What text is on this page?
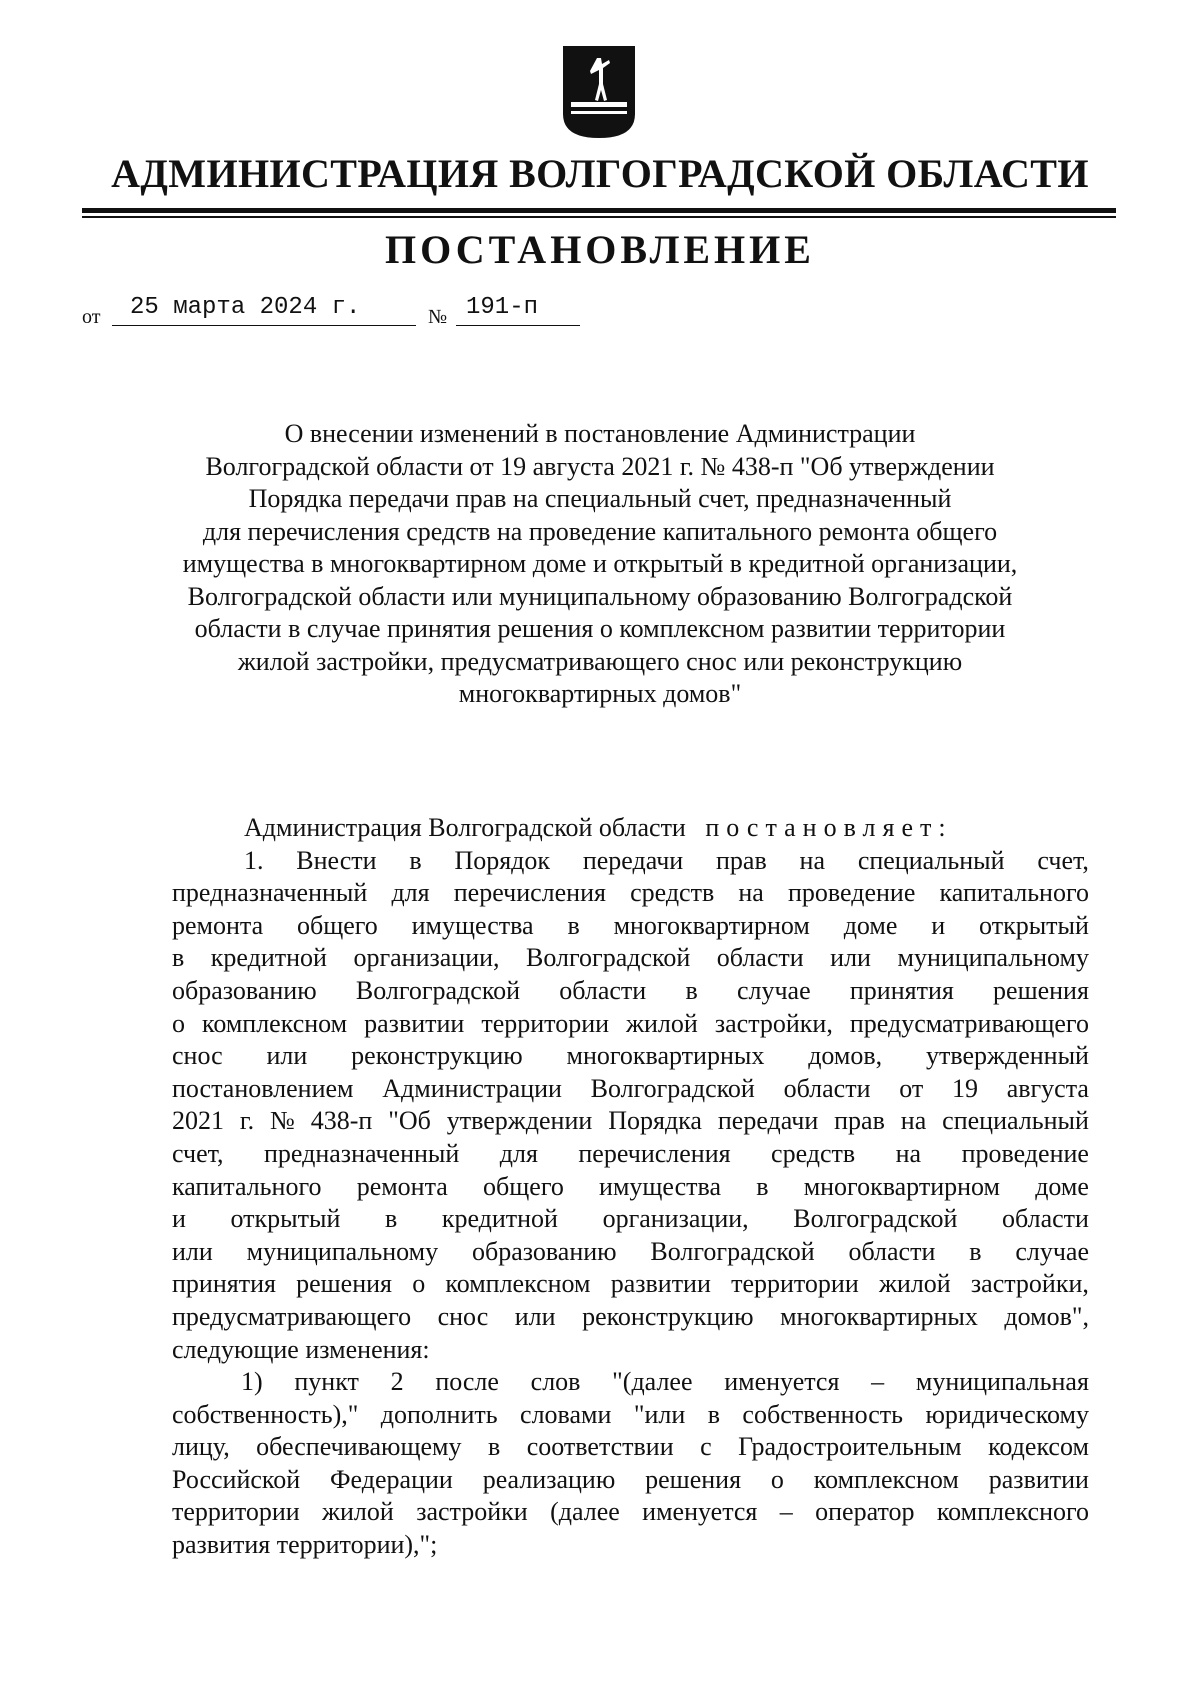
АДМИНИСТРАЦИЯ ВОЛГОГРАДСКОЙ ОБЛАСТИ
ПОСТАНОВЛЕНИЕ
от	25 марта 2024 г.	№ 191-п
О внесении изменений в постановление Администрации
Волгоградской области от 19 августа 2021 г. № 438-п "Об утверждении
Порядка передачи прав на специальный счет, предназначенный
для перечисления средств на проведение капитального ремонта общего
имущества в многоквартирном доме и открытый в кредитной организации,
Волгоградской области или муниципальному образованию Волгоградской
области в случае принятия решения о комплексном развитии территории
жилой застройки, предусматривающего снос или реконструкцию
многоквартирных домов"
Администрация Волгоградской области постановляет:
1. Внести в Порядок передачи прав на специальный счет,
предназначенный для перечисления средств на проведение капитального
ремонта общего имущества в многоквартирном доме и открытый
в кредитной организации, Волгоградской области или муниципальному
образованию Волгоградской области в случае принятия решения
о комплексном развитии территории жилой застройки, предусматривающего
снос или реконструкцию многоквартирных домов, утвержденный
постановлением Администрации Волгоградской области от 19 августа
2021 г. № 438-п "Об утверждении Порядка передачи прав на специальный
счет, предназначенный для перечисления средств на проведение
капитального ремонта общего имущества в многоквартирном доме
и открытый в кредитной организации, Волгоградской области
или муниципальному образованию Волгоградской области в случае
принятия решения о комплексном развитии территории жилой застройки,
предусматривающего снос или реконструкцию многоквартирных домов",
следующие изменения:
1) пункт 2 после слов "(далее именуется – муниципальная
собственность)," дополнить словами "или в собственность юридическому
лицу, обеспечивающему в соответствии с Градостроительным кодексом
Российской Федерации реализацию решения о комплексном развитии
территории жилой застройки (далее именуется – оператор комплексного
развития территории),";
